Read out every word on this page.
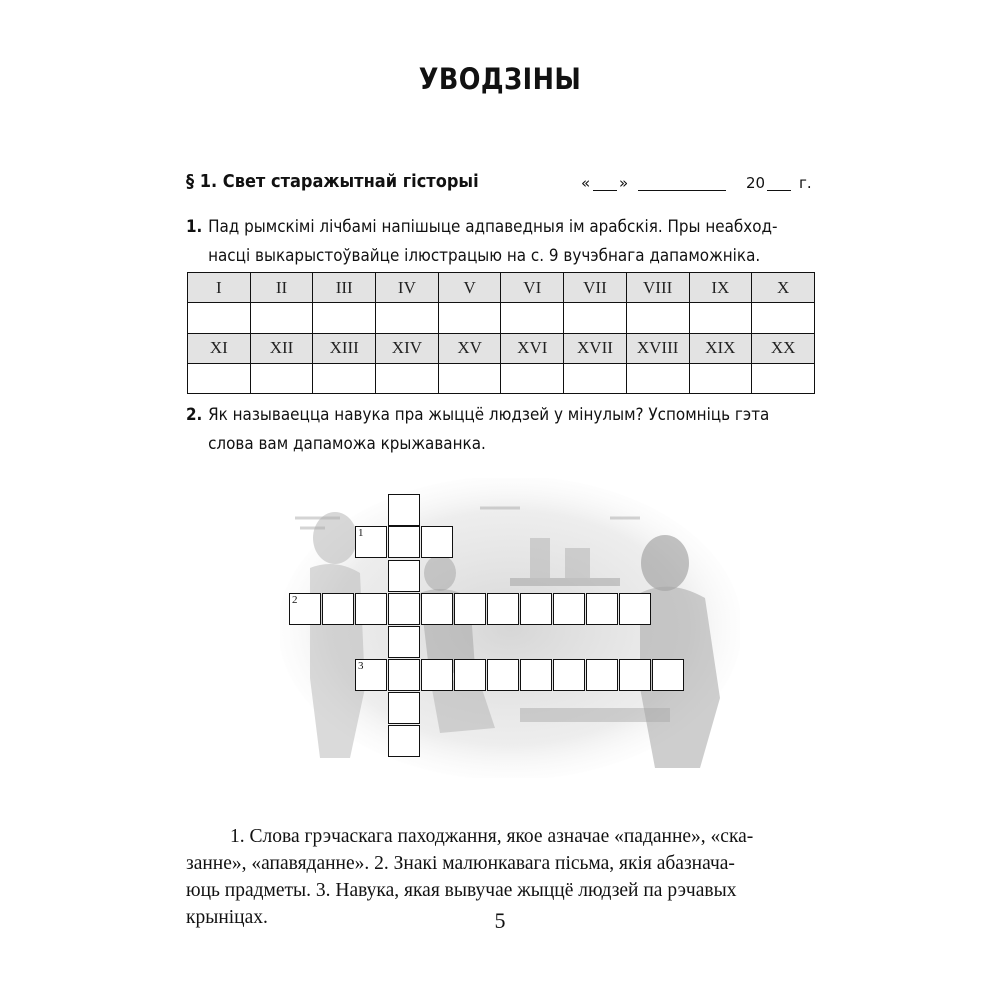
УВОДЗІНЫ
§ 1. Свет старажытнай гісторыі	« »	20 г.
1. Пад рымскімі лічбамі напішыце адпаведныя ім арабскія. Пры неабход-
насці выкарыстоўвайце ілюстрацыю на с. 9 вучэбнага дапаможніка.
I	II	III	IV	V	VI	VII	VIII	IX	X

XI	XII	XIII	XIV	XV	XVI	XVII	XVIII	XIX	XX

2. Як называецца навука пра жыццё людзей у мінулым? Успомніць гэта
слова вам дапаможа крыжаванка.
1
2
3
1. Слова грэчаскага паходжання, якое азначае «паданне», «ска-
занне», «апавяданне». 2. Знакі малюнкавага пісьма, якія абазнача-
юць прадметы. 3. Навука, якая вывучае жыццё людзей па рэчавых
крыніцах.	5
